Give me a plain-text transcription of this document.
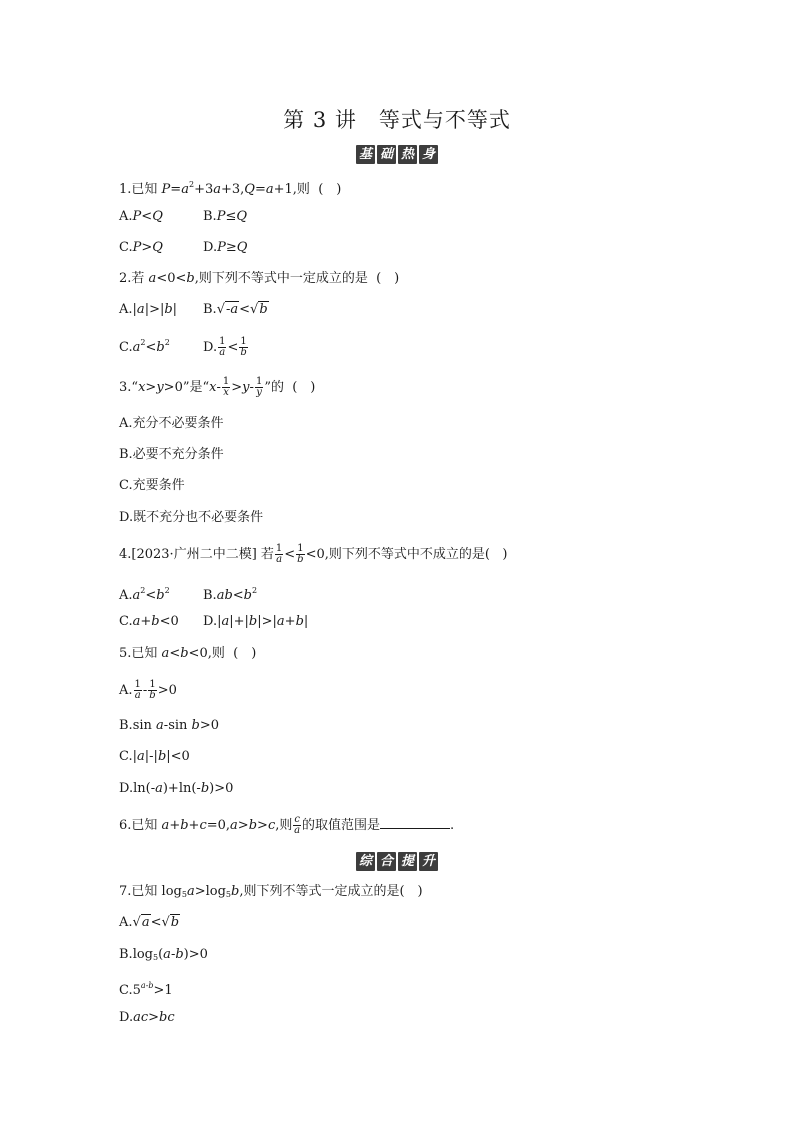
第 3 讲　等式与不等式
基 础 热 身
1.已知 $P=a^2+3a+3,Q=a+1$,则  (　)
A.P<Q	B.P≤Q
C.P>Q	D.P≥Q
2.若 a<0<b,则下列不等式中一定成立的是 (　)
A.|a|>|b| B.√-a<√b
$C.a^2<b^2$	D. $\frac{1}{a} < \frac{1}{b}$
3.“x>y>0”是“$x- \frac{1}{x} >y- \frac{1}{y}$ ”的 (　)
A.充分不必要条件
B.必要不充分条件
C.充要条件
D.既不充分也不必要条件
4.[2023·广州二中二模] 若 $\frac{1}{a} < \frac{1}{b} <0$,则下列不等式中不成立的是(   )
$A.a^2<b^2$	$B.ab<b^2$
C.a+b<0 D.|a|+|b|>|a+b|
5.已知 a<b<0,则 (　)
A. $\frac{1}{a} - \frac{1}{b} >0$
B.sin a-sin b>0
C.|a|-|b|<0
D.ln(-a)+ln(-b)>0
6.已知 a+b+c=0,a>b>c,则 $\frac{c}{a}$ 的取值范围是	.
综 合 提 升
7.已知 $\log_5a>\log_5b$,则下列不等式一定成立的是(　)
A.√a<√b
$B.\log_5(a-b)>0$
$C.5^{a-b}>1$
D.ac>bc
